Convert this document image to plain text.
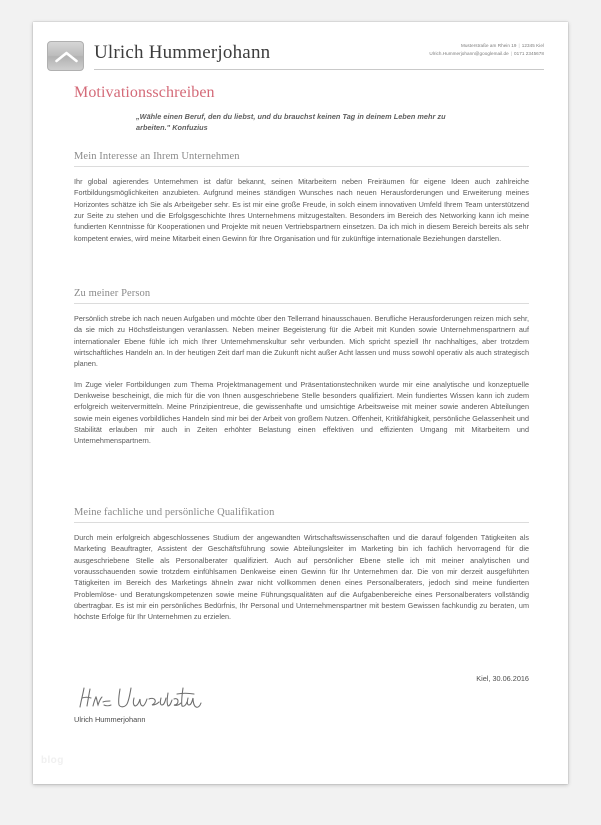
Ulrich Hummerjohann	Musterstraße am Rhein 19 | 12345 Kiel
Ulrich.Hummerjohann@googlemail.de | 0171 2345678
Motivationsschreiben
„Wähle einen Beruf, den du liebst, und du brauchst keinen Tag in deinem Leben mehr zu arbeiten." Konfuzius
Mein Interesse an Ihrem Unternehmen
Ihr global agierendes Unternehmen ist dafür bekannt, seinen Mitarbeitern neben Freiräumen für eigene Ideen auch zahlreiche Fortbildungsmöglichkeiten anzubieten. Aufgrund meines ständigen Wunsches nach neuen Herausforderungen und Erweiterung meines Horizontes schätze ich Sie als Arbeitgeber sehr. Es ist mir eine große Freude, in solch einem innovativen Umfeld Ihrem Team unterstützend zur Seite zu stehen und die Erfolgsgeschichte Ihres Unternehmens mitzugestalten. Besonders im Bereich des Networking kann ich meine fundierten Kenntnisse für Kooperationen und Projekte mit neuen Vertriebspartnern einsetzen. Da ich mich in diesem Bereich bereits als sehr kompetent erwies, wird meine Mitarbeit einen Gewinn für Ihre Organisation und für zukünftige internationale Beziehungen darstellen.
Zu meiner Person
Persönlich strebe ich nach neuen Aufgaben und möchte über den Tellerrand hinausschauen. Berufliche Herausforderungen reizen mich sehr, da sie mich zu Höchstleistungen veranlassen. Neben meiner Begeisterung für die Arbeit mit Kunden sowie Unternehmenspartnern auf internationaler Ebene fühle ich mich Ihrer Unternehmenskultur sehr verbunden. Mich spricht speziell Ihr nachhaltiges, aber trotzdem wirtschaftliches Handeln an. In der heutigen Zeit darf man die Zukunft nicht außer Acht lassen und muss sowohl operativ als auch strategisch planen.
Im Zuge vieler Fortbildungen zum Thema Projektmanagement und Präsentationstechniken wurde mir eine analytische und konzeptuelle Denkweise bescheinigt, die mich für die von Ihnen ausgeschriebene Stelle besonders qualifiziert. Mein fundiertes Wissen kann ich zudem erfolgreich weitervermitteln. Meine Prinzipientreue, die gewissenhafte und umsichtige Arbeitsweise mit meiner sowie anderen Abteilungen sowie mein eigenes vorbildliches Handeln sind mir bei der Arbeit von großem Nutzen. Offenheit, Kritikfähigkeit, persönliche Gelassenheit und Stabilität erlauben mir auch in Zeiten erhöhter Belastung einen effektiven und effizienten Umgang mit Mitarbeitern und Unternehmenspartnern.
Meine fachliche und persönliche Qualifikation
Durch mein erfolgreich abgeschlossenes Studium der angewandten Wirtschaftswissenschaften und die darauf folgenden Tätigkeiten als Marketing Beauftragter, Assistent der Geschäftsführung sowie Abteilungsleiter im Marketing bin ich fachlich hervorragend für die ausgeschriebene Stelle als Personalberater qualifiziert. Auch auf persönlicher Ebene stelle ich mit meiner analytischen und vorausschauenden sowie trotzdem einfühlsamen Denkweise einen Gewinn für Ihr Unternehmen dar. Die von mir derzeit ausgeführten Tätigkeiten im Bereich des Marketings ähneln zwar nicht vollkommen denen eines Personalberaters, jedoch sind meine fundierten Problemlöse- und Beratungskompetenzen sowie meine Führungsqualitäten auf die Aufgabenbereiche eines Personalberaters vollständig übertragbar. Es ist mir ein persönliches Bedürfnis, Ihr Personal und Unternehmenspartner mit bestem Gewissen fachkundig zu beraten, um höchste Erfolge für Ihr Unternehmen zu erzielen.
Kiel, 30.06.2016
Ulrich Hummerjohann
blog
